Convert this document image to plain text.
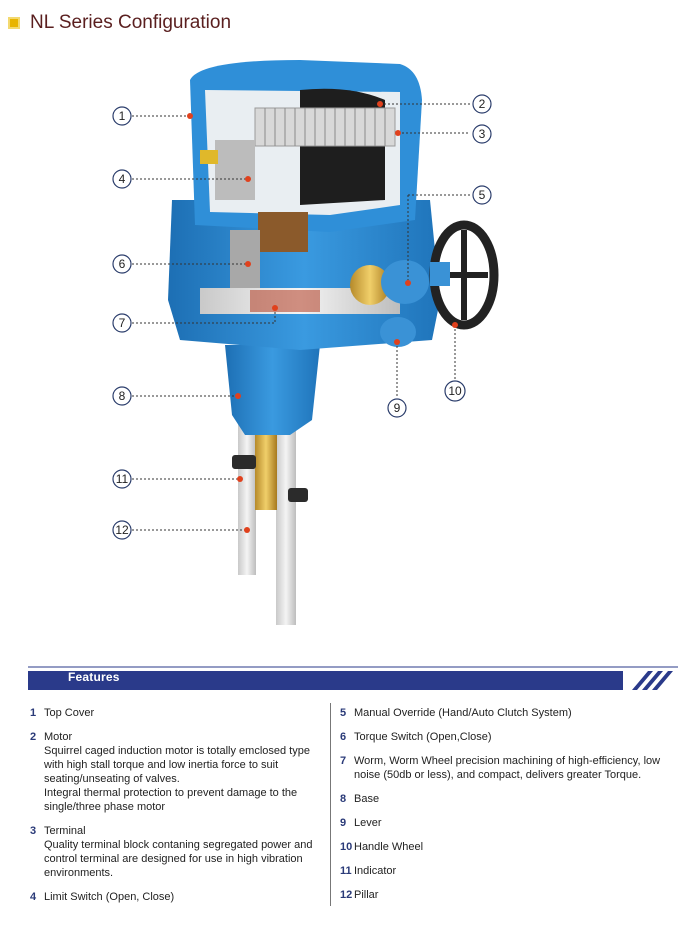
NL Series Configuration
1
2
3
4
5
6
7
8
9
10
11
12
Features
1 Top Cover
2 Motor
Squirrel caged induction motor is totally emclosed type with high stall torque and low inertia force to suit seating/unseating of valves.
Integral thermal protection to prevent damage to the single/three phase motor
3 Terminal
Quality terminal block contaning segregated power and control terminal are designed for use in high vibration environments.
4 Limit Switch (Open, Close)
5 Manual Override (Hand/Auto Clutch System)
6 Torque Switch (Open,Close)
7 Worm, Worm Wheel precision machining of high-efficiency, low noise (50db or less), and compact, delivers greater Torque.
8 Base
9 Lever
10 Handle Wheel
11 Indicator
12 Pillar
